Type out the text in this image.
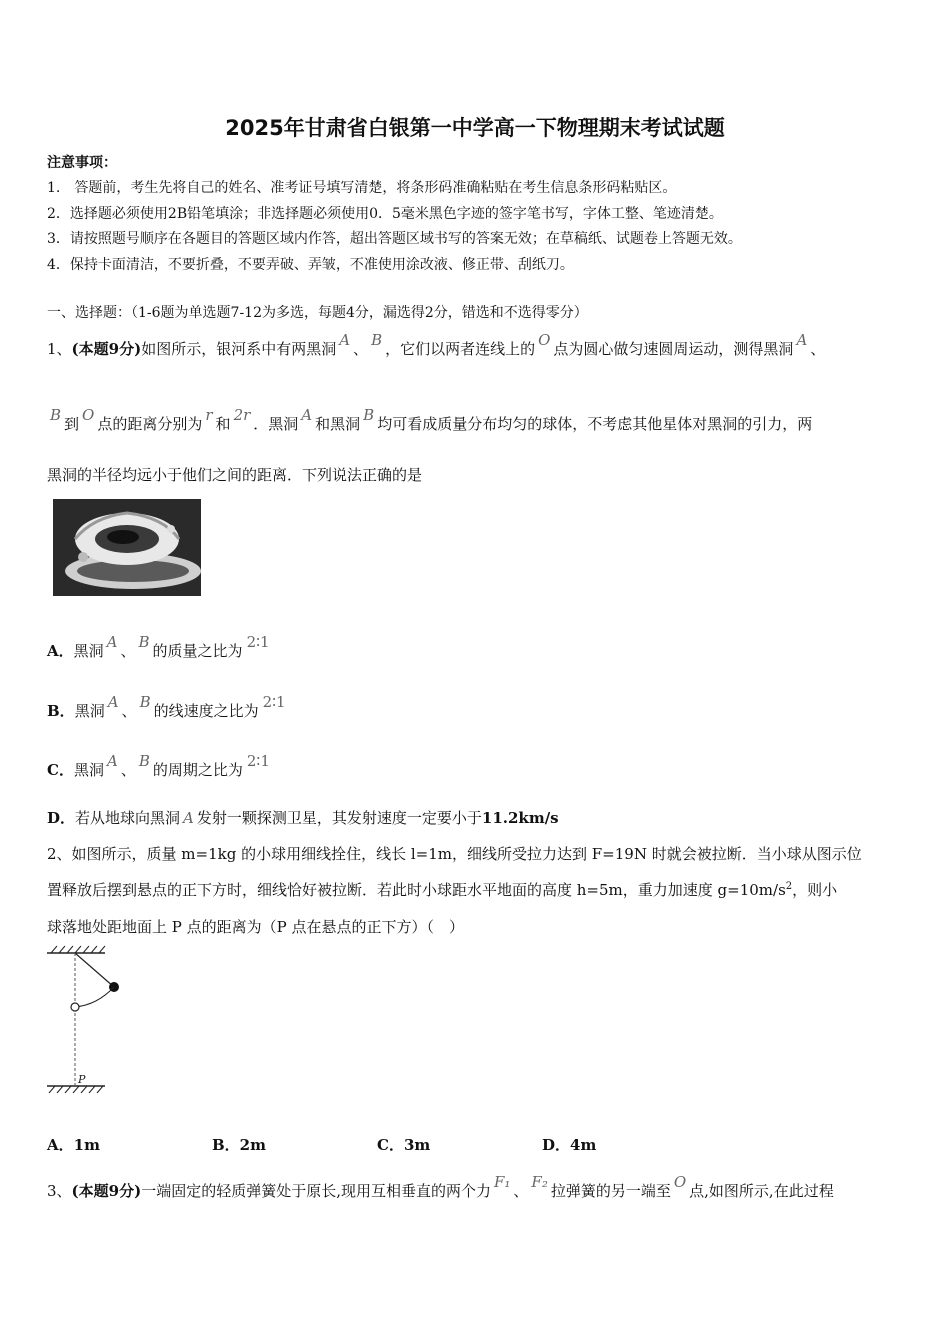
2025年甘肃省白银第一中学高一下物理期末考试试题
注意事项：
1.　答题前，考生先将自己的姓名、准考证号填写清楚，将条形码准确粘贴在考生信息条形码粘贴区。
2．选择题必须使用2B铅笔填涂；非选择题必须使用0．5毫米黑色字迹的签字笔书写，字体工整、笔迹清楚。
3．请按照题号顺序在各题目的答题区域内作答，超出答题区域书写的答案无效；在草稿纸、试题卷上答题无效。
4．保持卡面清洁，不要折叠，不要弄破、弄皱，不准使用涂改液、修正带、刮纸刀。
一、选择题：（1-6题为单选题7-12为多选，每题4分，漏选得2分，错选和不选得零分）
1、(本题9分)如图所示，银河系中有两黑洞 A 、 B ，它们以两者连线上的 O 点为圆心做匀速圆周运动，测得黑洞 A 、
B 到 O 点的距离分别为 r 和 2r ．黑洞 A 和黑洞 B 均可看成质量分布均匀的球体，不考虑其他星体对黑洞的引力，两
黑洞的半径均远小于他们之间的距离．下列说法正确的是
A．黑洞 A 、 B 的质量之比为 2∶1
B．黑洞 A 、 B 的线速度之比为 2∶1
C．黑洞 A 、 B 的周期之比为 2∶1
D．若从地球向黑洞 A 发射一颗探测卫星，其发射速度一定要小于11.2km/s
2、如图所示，质量 m=1kg 的小球用细线拴住，线长 l=1m，细线所受拉力达到 F=19N 时就会被拉断．当小球从图示位
置释放后摆到悬点的正下方时，细线恰好被拉断．若此时小球距水平地面的高度 h=5m，重力加速度 $g=10m/s^2$，则小
球落地处距地面上 P 点的距离为（P 点在悬点的正下方）（　）
P
A．1m	B．2m	C．3m	D．4m
3、(本题9分)一端固定的轻质弹簧处于原长,现用互相垂直的两个力 F₁ 、 F₂ 拉弹簧的另一端至 O 点,如图所示,在此过程
